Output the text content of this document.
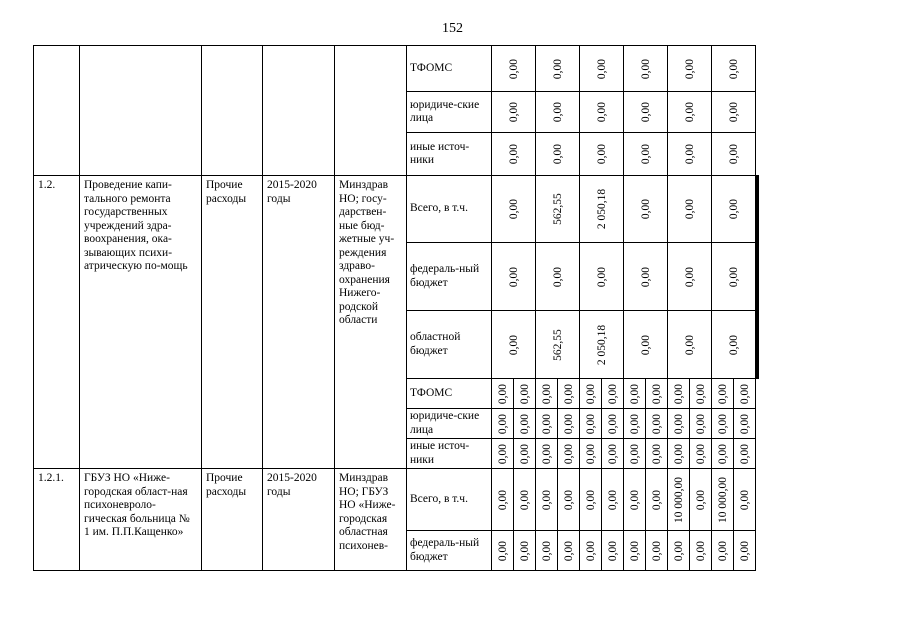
152
					ТФОМС	0,00		0,00		0,00		0,00		0,00		0,00			

					юридиче-ские лица	0,00		0,00		0,00		0,00		0,00		0,00			

					иные источ-ники	0,00		0,00		0,00		0,00		0,00		0,00			

1.2.	Проведение капи-тального ремонта государственных учреждений здра-воохранения, ока-зывающих психи-атрическую по-мощь	Прочие расходы	2015-2020 годы	Минздрав НО; госу-дарствен-ные бюд-жетные уч-реждения здраво-охранения Нижего-родской области	Всего, в т.ч.	0,00		562,55		2 050,18		0,00		0,00		0,00

					федераль-ный бюджет	0,00		0,00		0,00		0,00		0,00		0,00

					областной бюджет	0,00		562,55		2 050,18		0,00		0,00		0,00

					ТФОМС	0,00	0,00	0,00	0,00	0,00	0,00	0,00	0,00	0,00	0,00	0,00	0,00		

					юридиче-ские лица	0,00	0,00	0,00	0,00	0,00	0,00	0,00	0,00	0,00	0,00	0,00	0,00		

					иные источ-ники	0,00	0,00	0,00	0,00	0,00	0,00	0,00	0,00	0,00	0,00	0,00	0,00		

1.2.1.	ГБУЗ НО «Ниже-городская област-ная психоневроло-гическая больница № 1 им. П.П.Кащенко»	Прочие расходы	2015-2020 годы	Минздрав НО; ГБУЗ НО «Ниже-городская областная психонев-	Всего, в т.ч.	0,00	0,00	0,00	0,00	0,00	0,00	0,00	0,00	10 000,00	0,00	10 000,00	0,00		

					федераль-ный бюджет	0,00	0,00	0,00	0,00	0,00	0,00	0,00	0,00	0,00	0,00	0,00	0,00		
